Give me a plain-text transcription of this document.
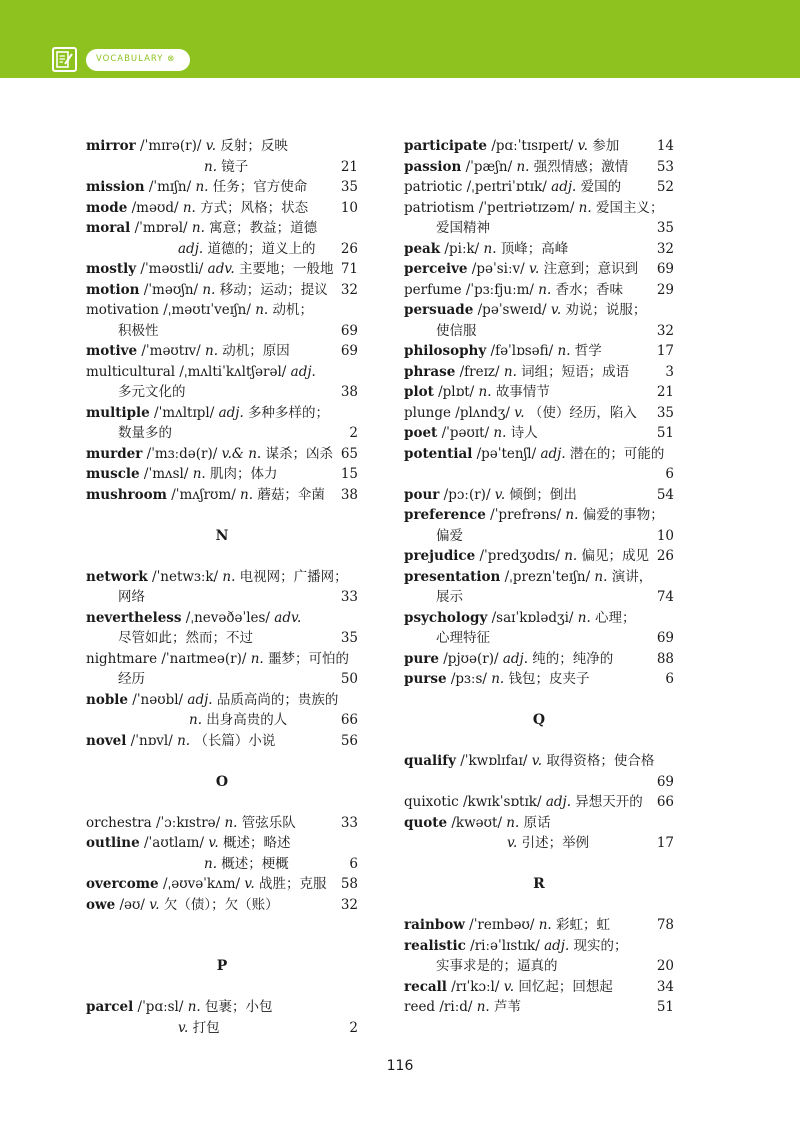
VOCABULARY ⊗
mirror /ˈmɪrə(r)/ v. 反射；反映
n. 镜子	21
mission /ˈmɪʃn/ n. 任务；官方使命 35
mode /məʊd/ n. 方式；风格；状态 10
moral /ˈmɒrəl/ n. 寓意；教益；道德
adj. 道德的；道义上的 26
mostly /ˈməʊstli/ adv. 主要地；一般地 71
motion /ˈməʊʃn/ n. 移动；运动；提议 32
motivation /ˌməʊtɪˈveɪʃn/ n. 动机；
积极性	69
motive /ˈməʊtɪv/ n. 动机；原因	69
multicultural /ˌmʌltiˈkʌltʃərəl/ adj.
多元文化的	38
multiple /ˈmʌltɪpl/ adj. 多种多样的；
数量多的	2
murder /ˈmɜːdə(r)/ v.& n. 谋杀；凶杀 65
muscle /ˈmʌsl/ n. 肌肉；体力	15
mushroom /ˈmʌʃrʊm/ n. 蘑菇；伞菌 38
N
network /ˈnetwɜːk/ n. 电视网；广播网；
网络	33
nevertheless /ˌnevəðəˈles/ adv.
尽管如此；然而；不过	35
nightmare /ˈnaɪtmeə(r)/ n. 噩梦；可怕的
经历	50
noble /ˈnəʊbl/ adj. 品质高尚的；贵族的
n. 出身高贵的人	66
novel /ˈnɒvl/ n. （长篇）小说	56
O
orchestra /ˈɔːkɪstrə/ n. 管弦乐队	33
outline /ˈaʊtlaɪn/ v. 概述；略述
n. 概述；梗概	6
overcome /ˌəʊvəˈkʌm/ v. 战胜；克服 58
owe /əʊ/ v. 欠（债）；欠（账）	32
P
parcel /ˈpɑːsl/ n. 包裹；小包
v. 打包	2
participate /pɑːˈtɪsɪpeɪt/ v. 参加	14
passion /ˈpæʃn/ n. 强烈情感；激情 53
patriotic /ˌpeɪtriˈɒtɪk/ adj. 爱国的	52
patriotism /ˈpeɪtriətɪzəm/ n. 爱国主义；
爱国精神	35
peak /piːk/ n. 顶峰；高峰	32
perceive /pəˈsiːv/ v. 注意到；意识到 69
perfume /ˈpɜːfjuːm/ n. 香水；香味	29
persuade /pəˈsweɪd/ v. 劝说；说服；
使信服	32
philosophy /fəˈlɒsəfi/ n. 哲学	17
phrase /freɪz/ n. 词组；短语；成语	3
plot /plɒt/ n. 故事情节	21
plunge /plʌndʒ/ v. （使）经历，陷入 35
poet /ˈpəʊɪt/ n. 诗人	51
potential /pəˈtenʃl/ adj. 潜在的；可能的
6
pour /pɔː(r)/ v. 倾倒；倒出	54
preference /ˈprefrəns/ n. 偏爱的事物；
偏爱	10
prejudice /ˈpredʒʊdɪs/ n. 偏见；成见 26
presentation /ˌpreznˈteɪʃn/ n. 演讲，
展示	74
psychology /saɪˈkɒlədʒi/ n. 心理；
心理特征	69
pure /pjʊə(r)/ adj. 纯的；纯净的	88
purse /pɜːs/ n. 钱包；皮夹子	6
Q
qualify /ˈkwɒlɪfaɪ/ v. 取得资格；使合格
69
quixotic /kwɪkˈsɒtɪk/ adj. 异想天开的 66
quote /kwəʊt/ n. 原话
v. 引述；举例	17
R
rainbow /ˈreɪnbəʊ/ n. 彩虹；虹	78
realistic /riːəˈlɪstɪk/ adj. 现实的；
实事求是的；逼真的	20
recall /rɪˈkɔːl/ v. 回忆起；回想起	34
reed /riːd/ n. 芦苇	51
116
